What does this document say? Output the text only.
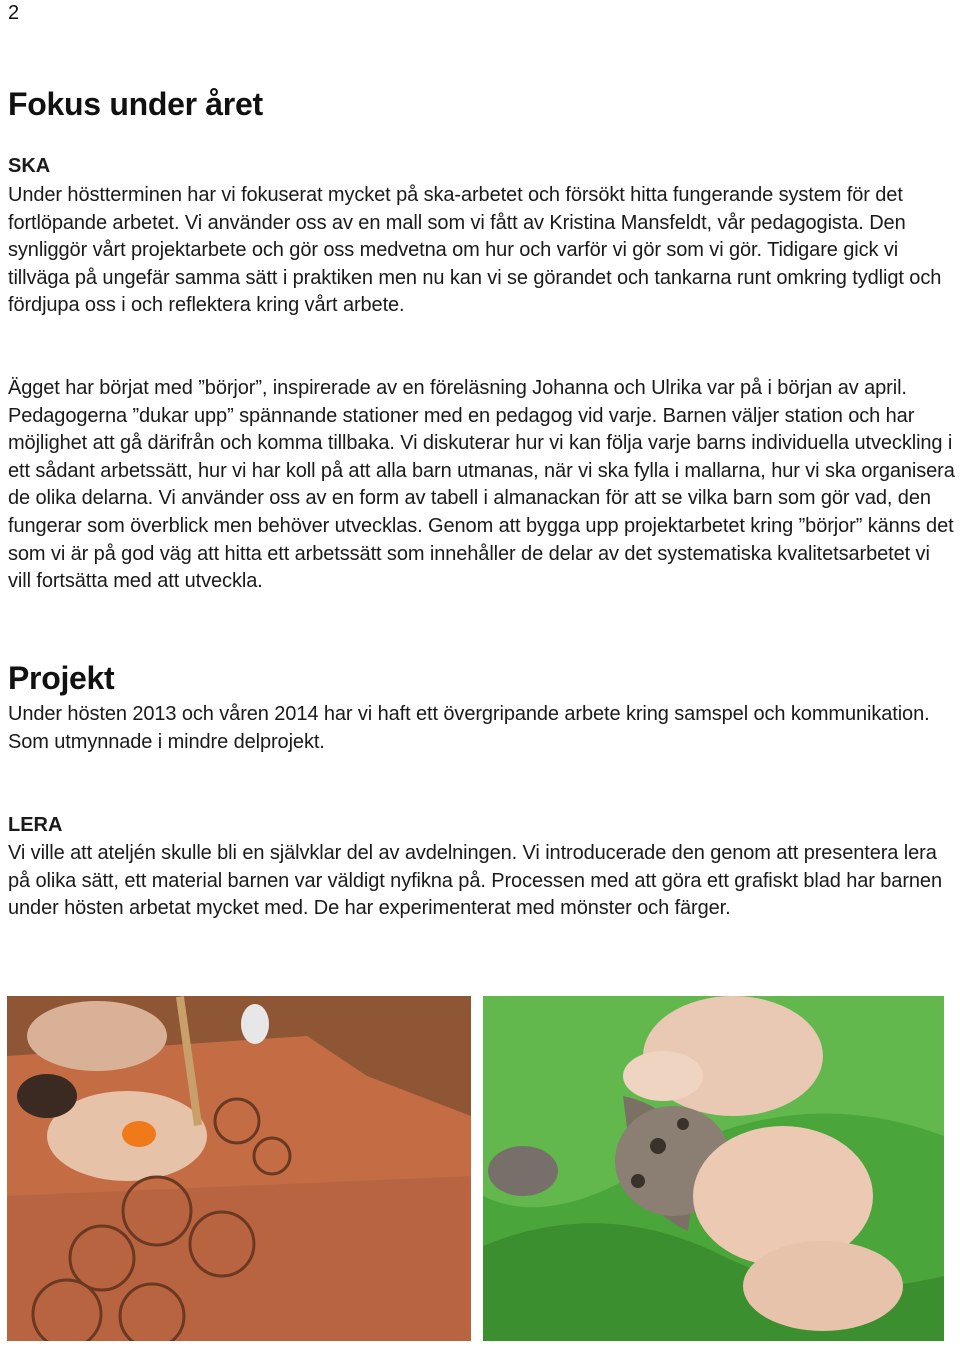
2
Fokus under året
SKA

Under höstterminen har vi fokuserat mycket på ska-arbetet och försökt hitta fungerande system för det fortlöpande arbetet. Vi använder oss av en mall som vi fått av Kristina Mansfeldt, vår pedagogista. Den synliggör vårt projektarbete och gör oss medvetna om hur och varför vi gör som vi gör. Tidigare gick vi tillväga på ungefär samma sätt i praktiken men nu kan vi se görandet och tankarna runt omkring tydligt och fördjupa oss i och reflektera kring vårt arbete.

Ägget har börjat med ”börjor”, inspirerade av en föreläsning Johanna och Ulrika var på i början av april. Pedagogerna ”dukar upp” spännande stationer med en pedagog vid varje. Barnen väljer station och har möjlighet att gå därifrån och komma tillbaka. Vi diskuterar hur vi kan följa varje barns individuella utveckling i ett sådant arbetssätt, hur vi har koll på att alla barn utmanas, när vi ska fylla i mallarna, hur vi ska organisera de olika delarna. Vi använder oss av en form av tabell i almanackan för att se vilka barn som gör vad, den fungerar som överblick men behöver utvecklas. Genom att bygga upp projektarbetet kring ”börjor” känns det som vi är på god väg att hitta ett arbetssätt som innehåller de delar av det systematiska kvalitetsarbetet vi vill fortsätta med att utveckla.

Projekt

Under hösten 2013 och våren 2014 har vi haft ett övergripande arbete kring samspel och kommunikation. Som utmynnade i mindre delprojekt.

LERA

Vi ville att ateljén skulle bli en självklar del av avdelningen. Vi introducerade den genom att presentera lera på olika sätt, ett material barnen var väldigt nyfikna på. Processen med att göra ett grafiskt blad har barnen under hösten arbetat mycket med. De har experimenterat med mönster och färger.
